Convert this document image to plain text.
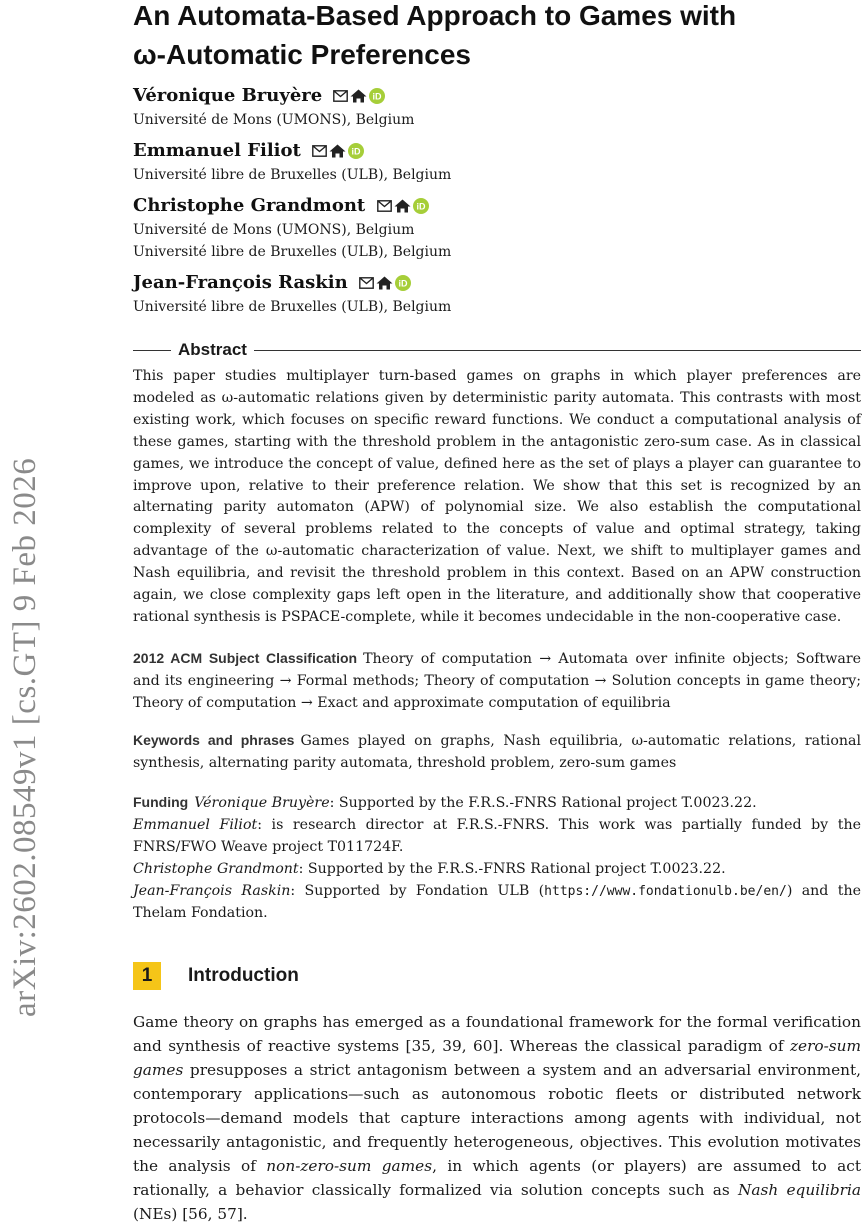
arXiv:2602.08549v1 [cs.GT] 9 Feb 2026
An Automata-Based Approach to Games with
ω-Automatic Preferences
Véronique Bruyère	iD
Université de Mons (UMONS), Belgium
Emmanuel Filiot	iD
Université libre de Bruxelles (ULB), Belgium
Christophe Grandmont	iD
Université de Mons (UMONS), Belgium
Université libre de Bruxelles (ULB), Belgium
Jean-François Raskin	iD
Université libre de Bruxelles (ULB), Belgium
Abstract

This paper studies multiplayer turn-based games on graphs in which player preferences are modeled as ω-automatic relations given by deterministic parity automata. This contrasts with most existing work, which focuses on specific reward functions. We conduct a computational analysis of these games, starting with the threshold problem in the antagonistic zero-sum case. As in classical games, we introduce the concept of value, defined here as the set of plays a player can guarantee to improve upon, relative to their preference relation. We show that this set is recognized by an alternating parity automaton (APW) of polynomial size. We also establish the computational complexity of several problems related to the concepts of value and optimal strategy, taking advantage of the ω-automatic characterization of value. Next, we shift to multiplayer games and Nash equilibria, and revisit the threshold problem in this context. Based on an APW construction again, we close complexity gaps left open in the literature, and additionally show that cooperative rational synthesis is PSPACE-complete, while it becomes undecidable in the non-cooperative case.

2012 ACM Subject Classification Theory of computation → Automata over infinite objects; Software and its engineering → Formal methods; Theory of computation → Solution concepts in game theory; Theory of computation → Exact and approximate computation of equilibria

Keywords and phrases Games played on graphs, Nash equilibria, ω-automatic relations, rational synthesis, alternating parity automata, threshold problem, zero-sum games

Funding Véronique Bruyère: Supported by the F.R.S.-FNRS Rational project T.0023.22.
Emmanuel Filiot: is research director at F.R.S.-FNRS. This work was partially funded by the FNRS/FWO Weave project T011724F.
Christophe Grandmont: Supported by the F.R.S.-FNRS Rational project T.0023.22.
Jean-François Raskin: Supported by Fondation ULB (https://www.fondationulb.be/en/) and the Thelam Fondation.

1	Introduction

Game theory on graphs has emerged as a foundational framework for the formal verification and synthesis of reactive systems [35, 39, 60]. Whereas the classical paradigm of zero-sum games presupposes a strict antagonism between a system and an adversarial environment, contemporary applications—such as autonomous robotic fleets or distributed network protocols—demand models that capture interactions among agents with individual, not necessarily antagonistic, and frequently heterogeneous, objectives. This evolution motivates the analysis of non-zero-sum games, in which agents (or players) are assumed to act rationally, a behavior classically formalized via solution concepts such as Nash equilibria (NEs) [56, 57].
